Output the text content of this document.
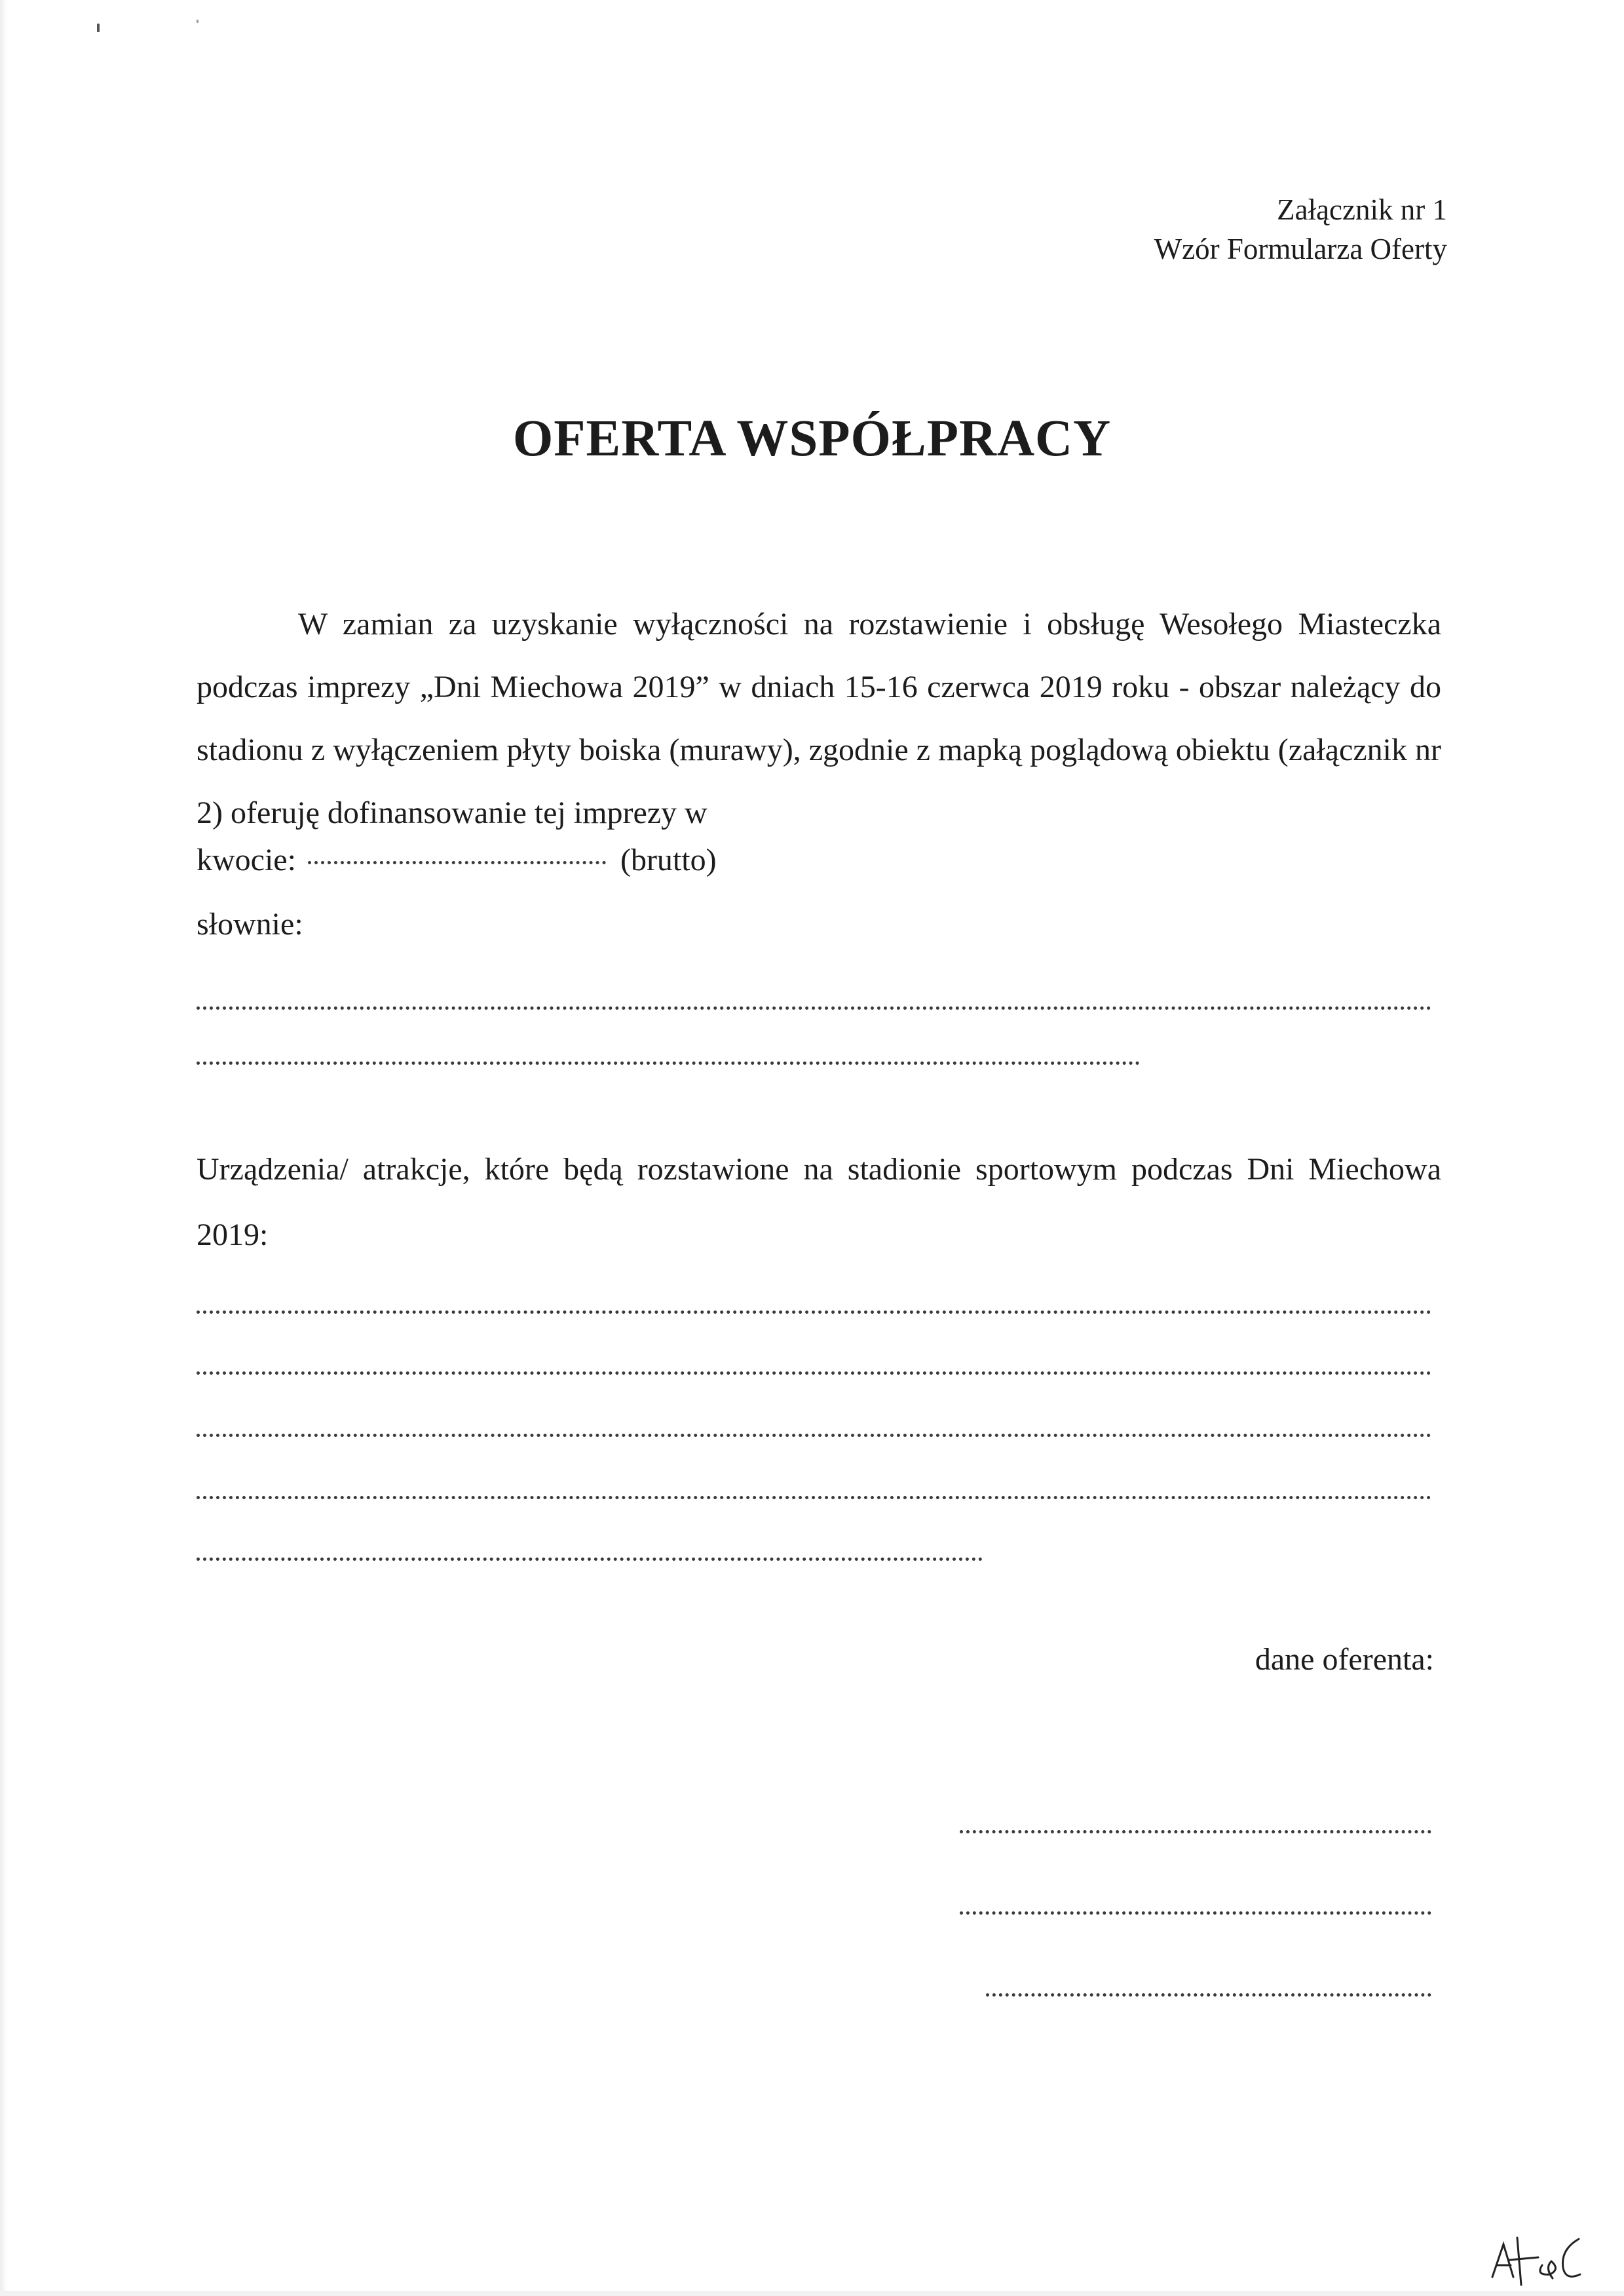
Załącznik nr 1
Wzór Formularza Oferty
OFERTA WSPÓŁPRACY
W zamian za uzyskanie wyłączności na rozstawienie i obsługę Wesołego Miasteczka podczas imprezy „Dni Miechowa 2019” w dniach 15-16 czerwca 2019 roku - obszar należący do stadionu z wyłączeniem płyty boiska (murawy), zgodnie z mapką poglądową obiektu (załącznik nr 2) oferuję dofinansowanie tej imprezy w
kwocie:	(brutto)
słownie:
Urządzenia/ atrakcje, które będą rozstawione na stadionie sportowym podczas Dni Miechowa 2019:
dane oferenta:
